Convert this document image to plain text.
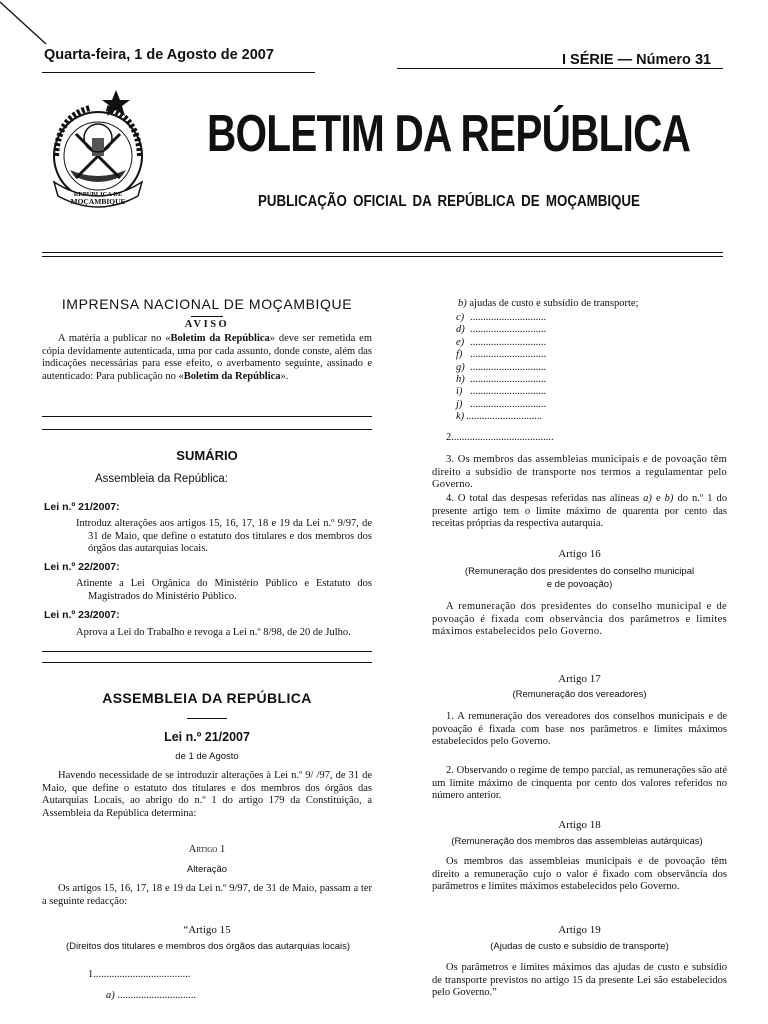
Quarta-feira, 1 de Agosto de 2007	I SÉRIE — Número 31
REPÚBLICA DE
MOÇAMBIQUE
BOLETIM DA REPÚBLICA
PUBLICAÇÃO OFICIAL DA REPÚBLICA DE MOÇAMBIQUE
IMPRENSA NACIONAL DE MOÇAMBIQUE
AVISO
A matéria a publicar no «Boletim da República» deve ser remetida em cópia devidamente autenticada, uma por cada assunto, donde conste, além das indicações necessárias para esse efeito, o averbamento seguinte, assinado e autenticado: Para publicação no «Boletim da República».
SUMÁRIO
Assembleia da República:
Lei n.º 21/2007:
Introduz alterações aos artigos 15, 16, 17, 18 e 19 da Lei n.º 9/97, de 31 de Maio, que define o estatuto dos titulares e dos membros dos órgãos das autarquias locais.
Lei n.º 22/2007:
Atinente a Lei Orgânica do Ministério Público e Estatuto dos Magistrados do Ministério Público.
Lei n.º 23/2007:
Aprova a Lei do Trabalho e revoga a Lei n.º 8/98, de 20 de Julho.
ASSEMBLEIA DA REPÚBLICA
Lei n.º 21/2007
de 1 de Agosto
Havendo necessidade de se introduzir alterações à Lei n.º 9/ /97, de 31 de Maio, que define o estatuto dos titulares e dos membros dos órgãos das Autarquias Locais, ao abrigo do n.º 1 do artigo 179 da Constituição, a Assembleia da República determina:
Artigo 1
Alteração
Os artigos 15, 16, 17, 18 e 19 da Lei n.º 9/97, de 31 de Maio, passam a ter a seguinte redacção:
“Artigo 15
(Direitos dos titulares e membros dos órgãos das autarquias locais)
1.....................................
a) ..............................
b) ajudas de custo e subsídio de transporte;
c) .............................
d) .............................
e) .............................
f) .............................
g) .............................
h) .............................
i) .............................
j) .............................
k) .............................
2.......................................
3. Os membros das assembleias municipais e de povoação têm direito a subsídio de transporte nos termos a regulamentar pelo Governo.
4. O total das despesas referidas nas alíneas a) e b) do n.º 1 do presente artigo tem o limite máximo de quarenta por cento das receitas próprias da respectiva autarquia.
Artigo 16
(Remuneração dos presidentes do conselho municipal
e de povoação)
A remuneração dos presidentes do conselho municipal e de povoação é fixada com observância dos parâmetros e limites máximos estabelecidos pelo Governo.
Artigo 17
(Remuneração dos vereadores)
1. A remuneração dos vereadores dos conselhos municipais e de povoação é fixada com base nos parâmetros e limites máximos estabelecidos pelo Governo.
2. Observando o regime de tempo parcial, as remunerações são até um limite máximo de cinquenta por cento dos valores referidos no número anterior.
Artigo 18
(Remuneração dos membros das assembleias autárquicas)
Os membros das assembleias municipais e de povoação têm direito a remuneração cujo o valor é fixado com observância dos parâmetros e limites máximos estabelecidos pelo Governo.
Artigo 19
(Ajudas de custo e subsídio de transporte)
Os parâmetros e limites máximos das ajudas de custo e subsídio de transporte previstos no artigo 15 da presente Lei são estabelecidos pelo Governo.”
